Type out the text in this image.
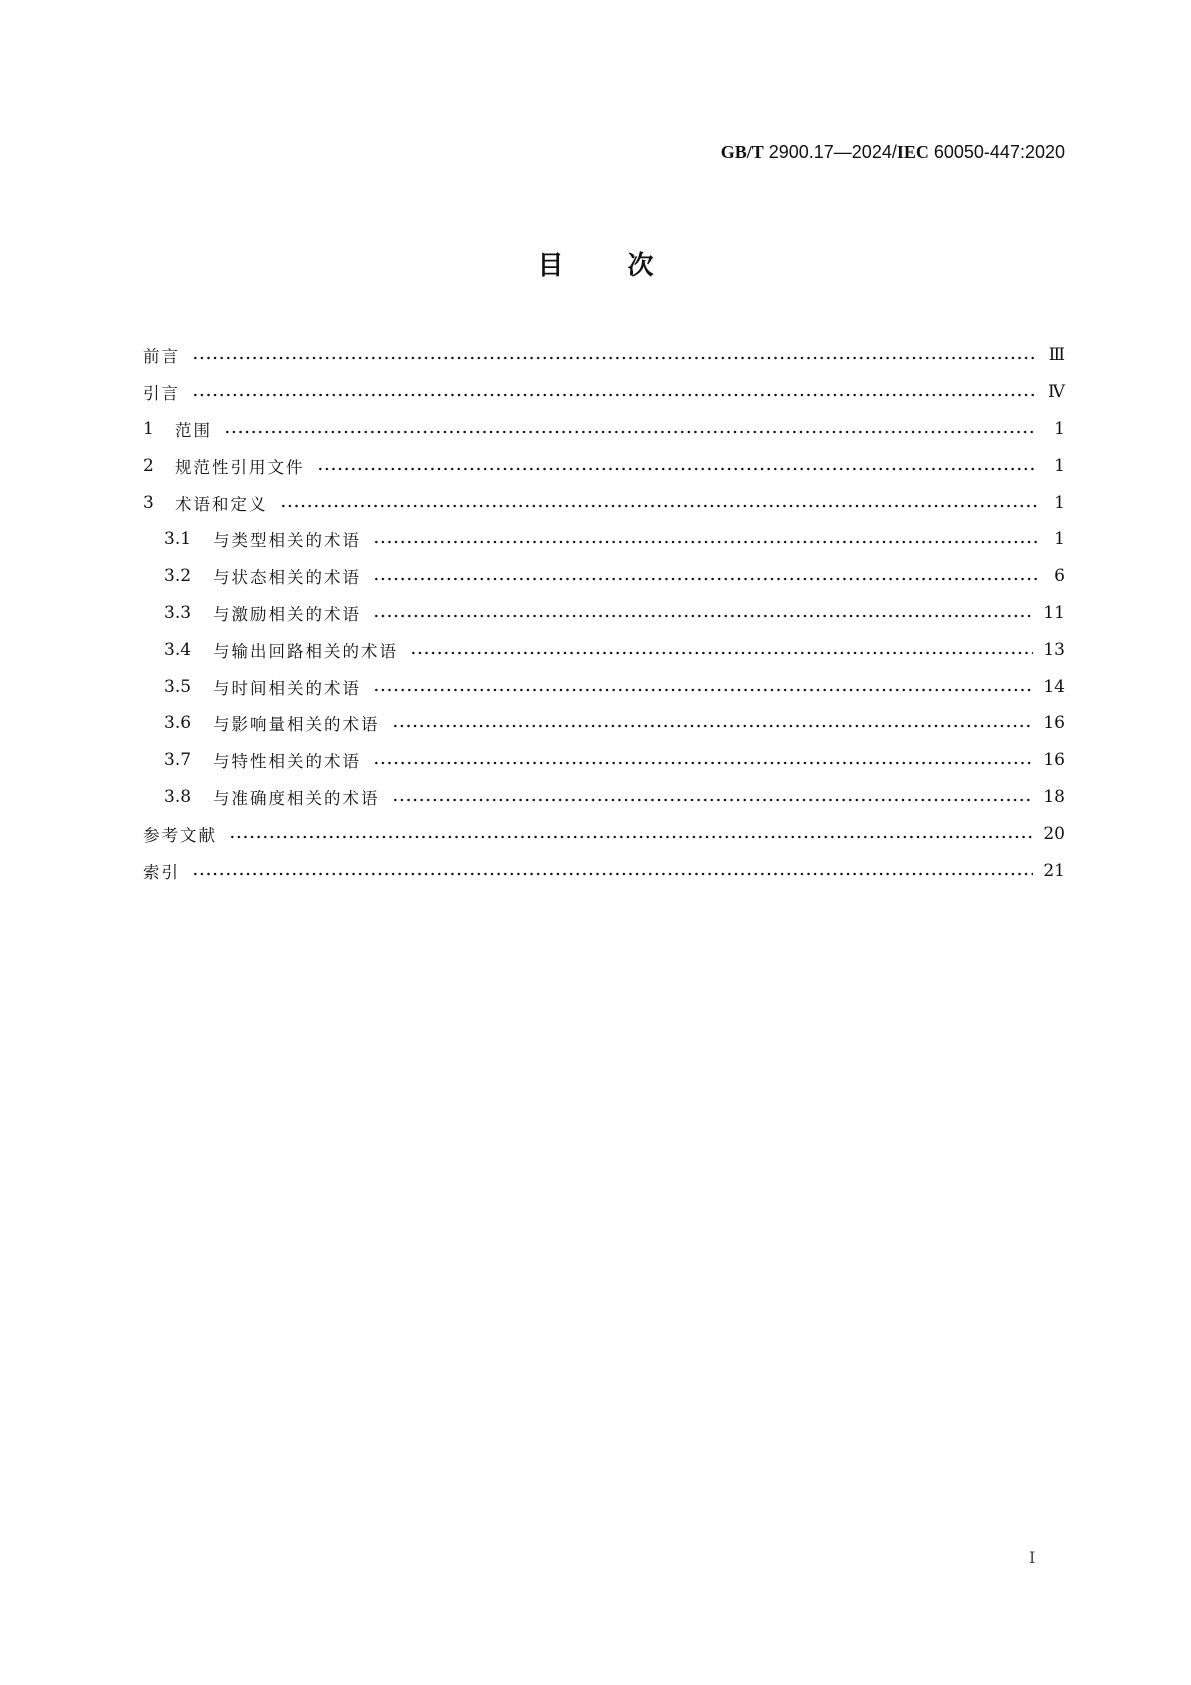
GB/T 2900.17—2024/IEC 60050-447:2020
目 次
前言	Ⅲ
引言	Ⅳ
1	范围	1
2	规范性引用文件	1
3	术语和定义	1
3.1	与类型相关的术语	1
3.2	与状态相关的术语	6
3.3	与激励相关的术语	11
3.4	与输出回路相关的术语	13
3.5	与时间相关的术语	14
3.6	与影响量相关的术语	16
3.7	与特性相关的术语	16
3.8	与准确度相关的术语	18
参考文献	20
索引	21
I
